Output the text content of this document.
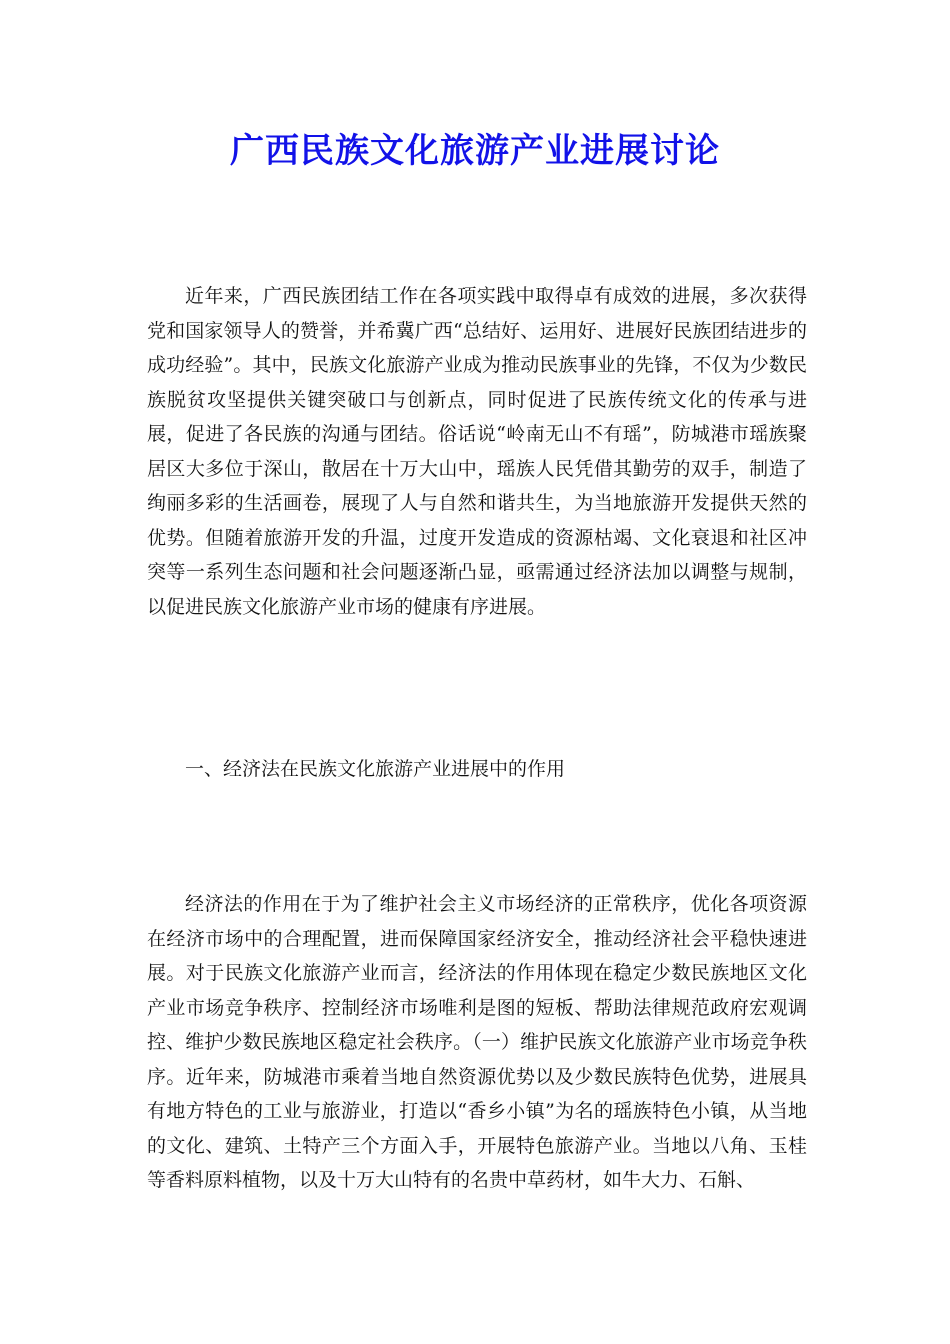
广西民族文化旅游产业进展讨论

近年来，广西民族团结工作在各项实践中取得卓有成效的进展，多次获得党和国家领导人的赞誉，并希冀广西“总结好、运用好、进展好民族团结进步的成功经验”。其中，民族文化旅游产业成为推动民族事业的先锋，不仅为少数民族脱贫攻坚提供关键突破口与创新点，同时促进了民族传统文化的传承与进展，促进了各民族的沟通与团结。俗话说“岭南无山不有瑶”，防城港市瑶族聚居区大多位于深山，散居在十万大山中，瑶族人民凭借其勤劳的双手，制造了绚丽多彩的生活画卷，展现了人与自然和谐共生，为当地旅游开发提供天然的优势。但随着旅游开发的升温，过度开发造成的资源枯竭、文化衰退和社区冲突等一系列生态问题和社会问题逐渐凸显，亟需通过经济法加以调整与规制，以促进民族文化旅游产业市场的健康有序进展。

一、经济法在民族文化旅游产业进展中的作用

经济法的作用在于为了维护社会主义市场经济的正常秩序，优化各项资源在经济市场中的合理配置，进而保障国家经济安全，推动经济社会平稳快速进展。对于民族文化旅游产业而言，经济法的作用体现在稳定少数民族地区文化产业市场竞争秩序、控制经济市场唯利是图的短板、帮助法律规范政府宏观调控、维护少数民族地区稳定社会秩序。（一）维护民族文化旅游产业市场竞争秩序。近年来，防城港市乘着当地自然资源优势以及少数民族特色优势，进展具有地方特色的工业与旅游业，打造以“香乡小镇”为名的瑶族特色小镇，从当地的文化、建筑、土特产三个方面入手，开展特色旅游产业。当地以八角、玉桂等香料原料植物，以及十万大山特有的名贵中草药材，如牛大力、石斛、
